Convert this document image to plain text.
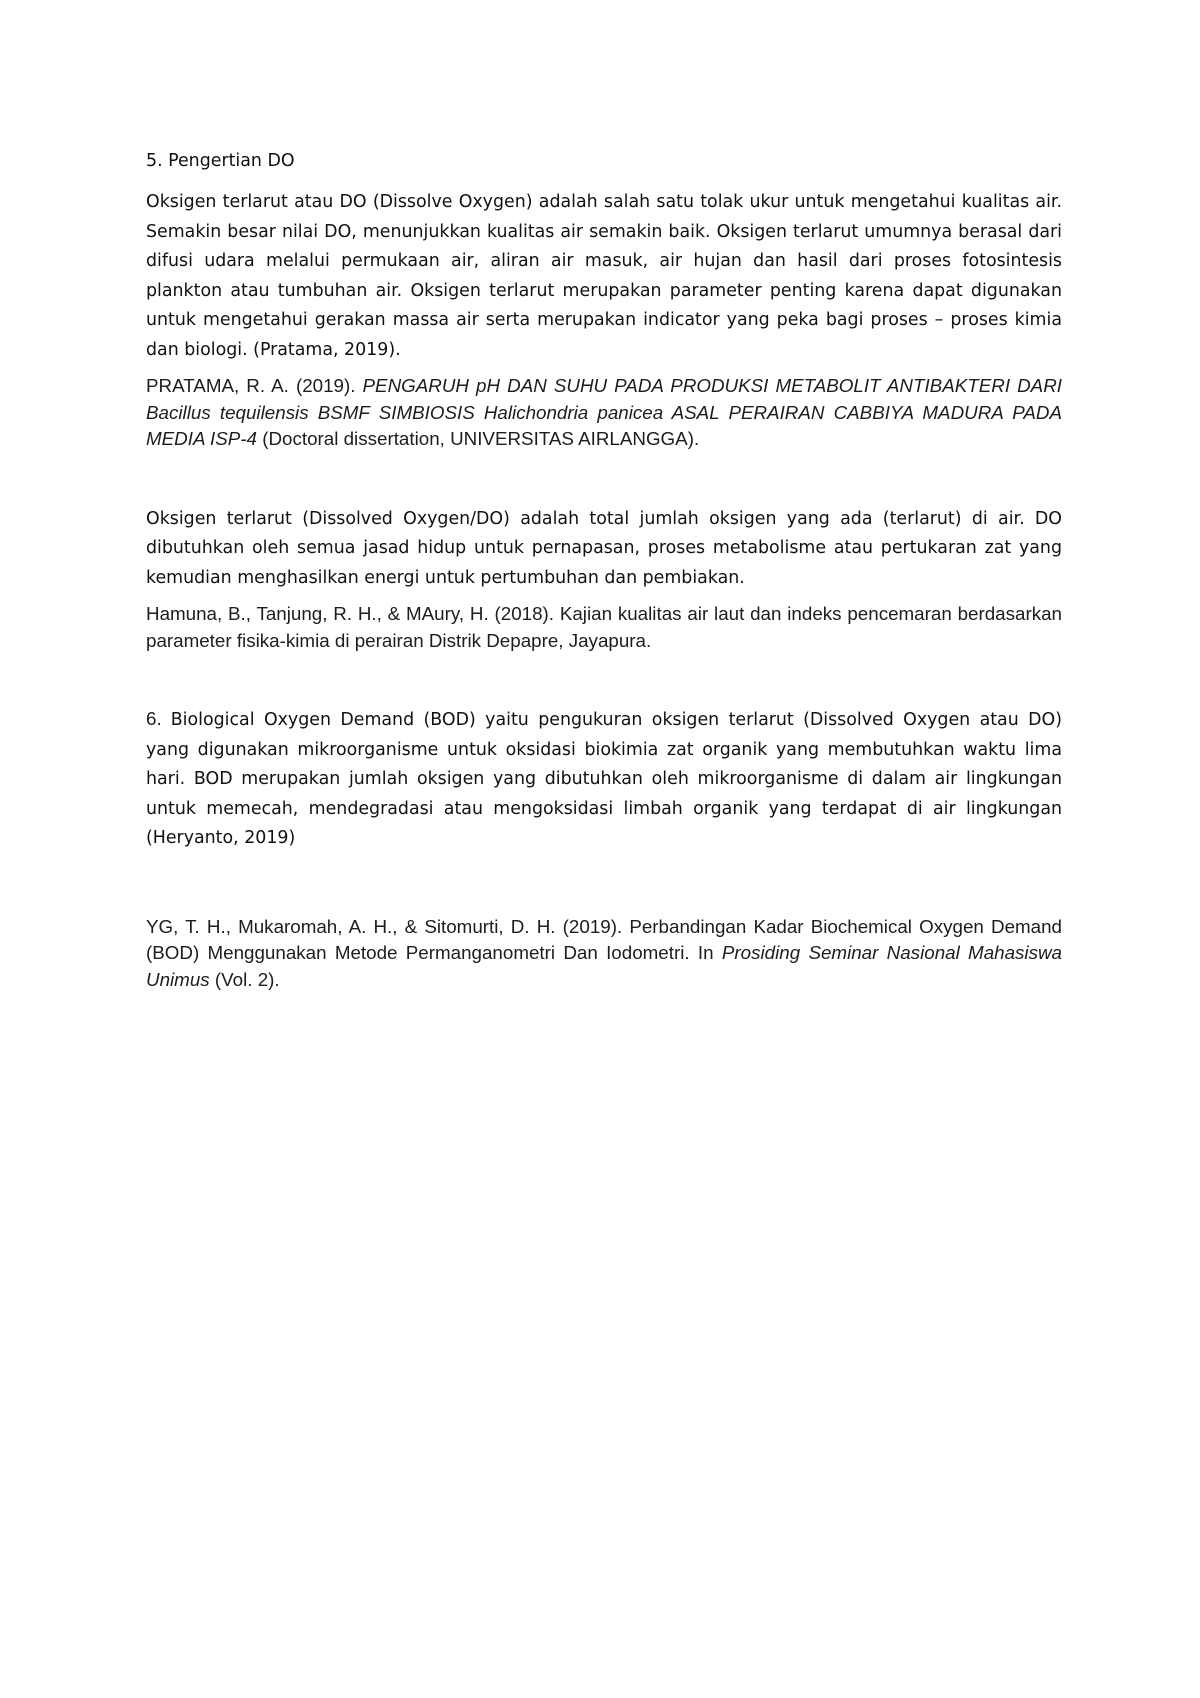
5. Pengertian DO

Oksigen terlarut atau DO (Dissolve Oxygen) adalah salah satu tolak ukur untuk mengetahui kualitas air. Semakin besar nilai DO, menunjukkan kualitas air semakin baik. Oksigen terlarut umumnya berasal dari difusi udara melalui permukaan air, aliran air masuk, air hujan dan hasil dari proses fotosintesis plankton atau tumbuhan air. Oksigen terlarut merupakan parameter penting karena dapat digunakan untuk mengetahui gerakan massa air serta merupakan indicator yang peka bagi proses – proses kimia dan biologi. (Pratama, 2019).

PRATAMA, R. A. (2019). PENGARUH pH DAN SUHU PADA PRODUKSI METABOLIT ANTIBAKTERI DARI Bacillus tequilensis BSMF SIMBIOSIS Halichondria panicea ASAL PERAIRAN CABBIYA MADURA PADA MEDIA ISP-4 (Doctoral dissertation, UNIVERSITAS AIRLANGGA).

Oksigen terlarut (Dissolved Oxygen/DO) adalah total jumlah oksigen yang ada (terlarut) di air. DO dibutuhkan oleh semua jasad hidup untuk pernapasan, proses metabolisme atau pertukaran zat yang kemudian menghasilkan energi untuk pertumbuhan dan pembiakan.

Hamuna, B., Tanjung, R. H., & MAury, H. (2018). Kajian kualitas air laut dan indeks pencemaran berdasarkan parameter fisika-kimia di perairan Distrik Depapre, Jayapura.

6. Biological Oxygen Demand (BOD) yaitu pengukuran oksigen terlarut (Dissolved Oxygen atau DO) yang digunakan mikroorganisme untuk oksidasi biokimia zat organik yang membutuhkan waktu lima hari. BOD merupakan jumlah oksigen yang dibutuhkan oleh mikroorganisme di dalam air lingkungan untuk memecah, mendegradasi atau mengoksidasi limbah organik yang terdapat di air lingkungan (Heryanto, 2019)

YG, T. H., Mukaromah, A. H., & Sitomurti, D. H. (2019). Perbandingan Kadar Biochemical Oxygen Demand (BOD) Menggunakan Metode Permanganometri Dan Iodometri. In Prosiding Seminar Nasional Mahasiswa Unimus (Vol. 2).
